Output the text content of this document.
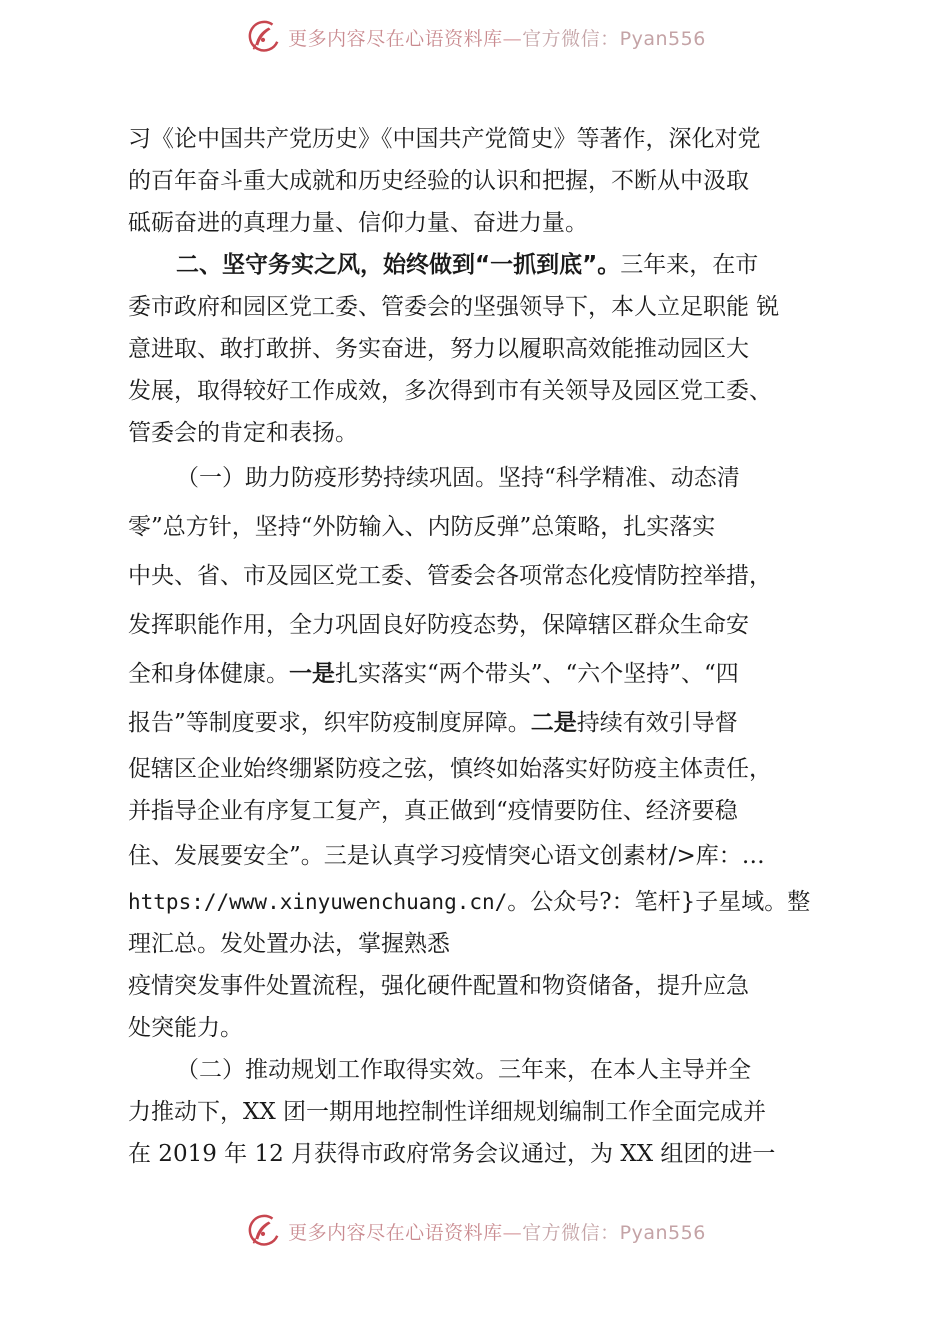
更多内容尽在心语资料库—官方微信：Pyan556
习《论中国共产党历史》《中国共产党简史》等著作，深化对党
的百年奋斗重大成就和历史经验的认识和把握，不断从中汲取
砥砺奋进的真理力量、信仰力量、奋进力量。
二、坚守务实之风，始终做到“一抓到底”。三年来，在市
委市政府和园区党工委、管委会的坚强领导下，本人立足职能 锐
意进取、敢打敢拼、务实奋进，努力以履职高效能推动园区大
发展，取得较好工作成效，多次得到市有关领导及园区党工委、
管委会的肯定和表扬。
（一）助力防疫形势持续巩固。坚持“科学精准、动态清
零”总方针，坚持“外防输入、内防反弹”总策略，扎实落实
中央、省、市及园区党工委、管委会各项常态化疫情防控举措，
发挥职能作用，全力巩固良好防疫态势，保障辖区群众生命安
全和身体健康。一是扎实落实“两个带头”、“六个坚持”、“四
报告”等制度要求，织牢防疫制度屏障。二是持续有效引导督
促辖区企业始终绷紧防疫之弦，慎终如始落实好防疫主体责任，
并指导企业有序复工复产，真正做到“疫情要防住、经济要稳
住、发展要安全”。三是认真学习疫情突心语文创素材/>库：…
https://www.xinyuwenchuang.cn/。公众号?：笔杆}子星域。整
理汇总。发处置办法，掌握熟悉
疫情突发事件处置流程，强化硬件配置和物资储备，提升应急
处突能力。
（二）推动规划工作取得实效。三年来，在本人主导并全
力推动下，XX 团一期用地控制性详细规划编制工作全面完成并
在 2019 年 12 月获得市政府常务会议通过，为 XX 组团的进一
更多内容尽在心语资料库—官方微信：Pyan556
